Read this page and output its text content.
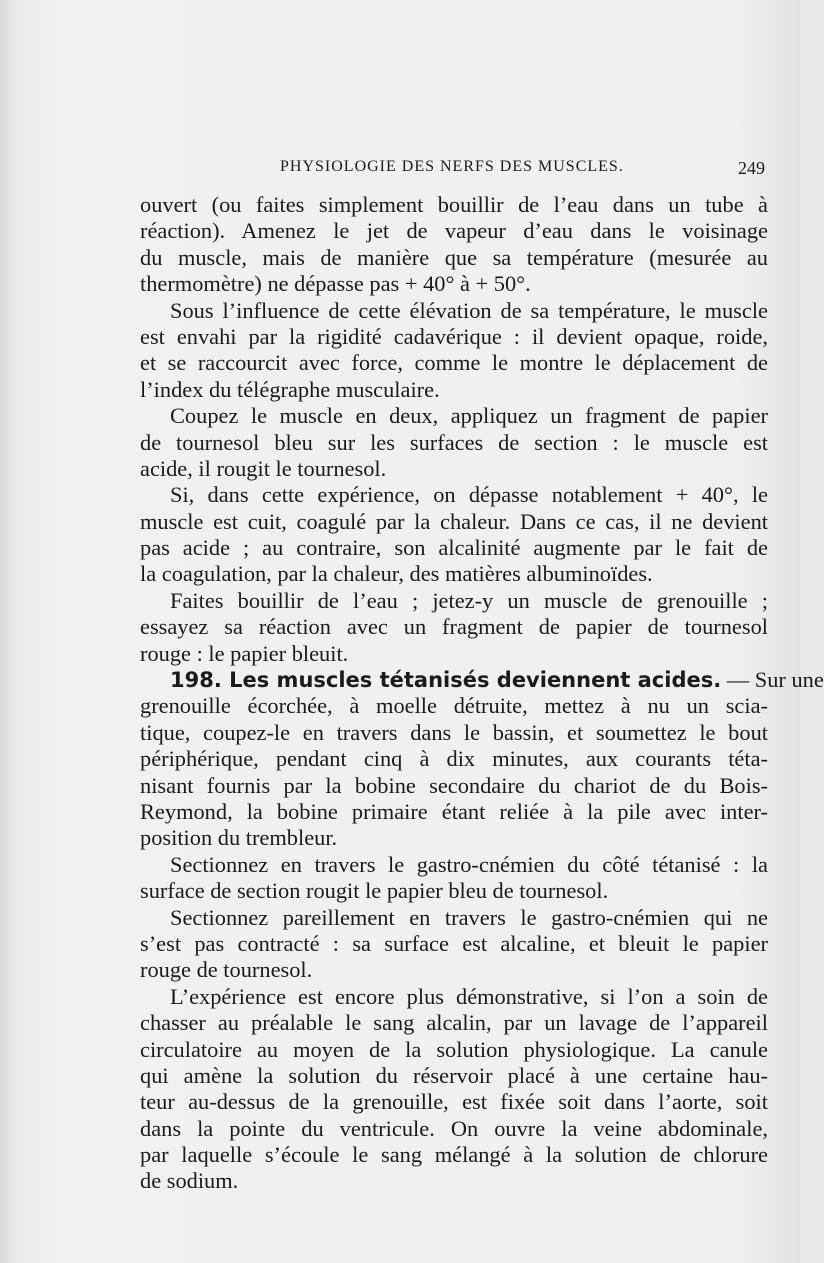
PHYSIOLOGIE DES NERFS DES MUSCLES.	249
ouvert (ou faites simplement bouillir de l’eau dans un tube à
réaction). Amenez le jet de vapeur d’eau dans le voisinage
du muscle, mais de manière que sa température (mesurée au
thermomètre) ne dépasse pas + 40° à + 50°.
Sous l’influence de cette élévation de sa température, le muscle
est envahi par la rigidité cadavérique : il devient opaque, roide,
et se raccourcit avec force, comme le montre le déplacement de
l’index du télégraphe musculaire.
Coupez le muscle en deux, appliquez un fragment de papier
de tournesol bleu sur les surfaces de section : le muscle est
acide, il rougit le tournesol.
Si, dans cette expérience, on dépasse notablement + 40°, le
muscle est cuit, coagulé par la chaleur. Dans ce cas, il ne devient
pas acide ; au contraire, son alcalinité augmente par le fait de
la coagulation, par la chaleur, des matières albuminoïdes.
Faites bouillir de l’eau ; jetez-y un muscle de grenouille ;
essayez sa réaction avec un fragment de papier de tournesol
rouge : le papier bleuit.
198. Les muscles tétanisés deviennent acides. — Sur une
grenouille écorchée, à moelle détruite, mettez à nu un scia-
tique, coupez-le en travers dans le bassin, et soumettez le bout
périphérique, pendant cinq à dix minutes, aux courants téta-
nisant fournis par la bobine secondaire du chariot de du Bois-
Reymond, la bobine primaire étant reliée à la pile avec inter-
position du trembleur.
Sectionnez en travers le gastro-cnémien du côté tétanisé : la
surface de section rougit le papier bleu de tournesol.
Sectionnez pareillement en travers le gastro-cnémien qui ne
s’est pas contracté : sa surface est alcaline, et bleuit le papier
rouge de tournesol.
L’expérience est encore plus démonstrative, si l’on a soin de
chasser au préalable le sang alcalin, par un lavage de l’appareil
circulatoire au moyen de la solution physiologique. La canule
qui amène la solution du réservoir placé à une certaine hau-
teur au-dessus de la grenouille, est fixée soit dans l’aorte, soit
dans la pointe du ventricule. On ouvre la veine abdominale,
par laquelle s’écoule le sang mélangé à la solution de chlorure
de sodium.
